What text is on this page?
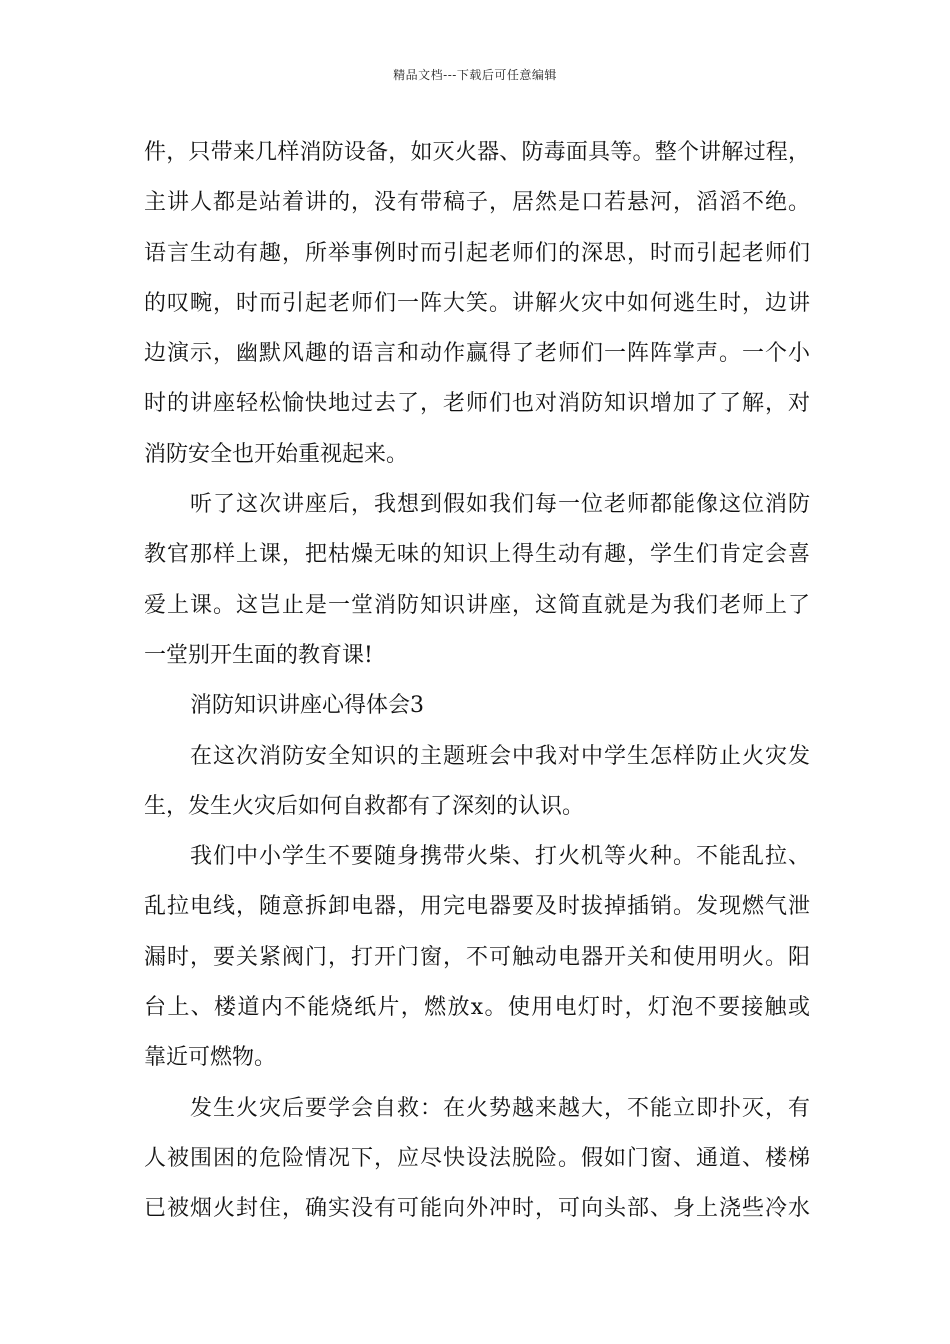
精品文档---下载后可任意编辑
件，只带来几样消防设备，如灭火器、防毒面具等。整个讲解过程，
主讲人都是站着讲的，没有带稿子，居然是口若悬河，滔滔不绝。
语言生动有趣，所举事例时而引起老师们的深思，时而引起老师们
的叹畹，时而引起老师们一阵大笑。讲解火灾中如何逃生时，边讲
边演示，幽默风趣的语言和动作赢得了老师们一阵阵掌声。一个小
时的讲座轻松愉快地过去了，老师们也对消防知识增加了了解，对
消防安全也开始重视起来。
听了这次讲座后，我想到假如我们每一位老师都能像这位消防
教官那样上课，把枯燥无味的知识上得生动有趣，学生们肯定会喜
爱上课。这岂止是一堂消防知识讲座，这简直就是为我们老师上了
一堂别开生面的教育课!
消防知识讲座心得体会3
在这次消防安全知识的主题班会中我对中学生怎样防止火灾发
生，发生火灾后如何自救都有了深刻的认识。
我们中小学生不要随身携带火柴、打火机等火种。不能乱拉、
乱拉电线，随意拆卸电器，用完电器要及时拔掉插销。发现燃气泄
漏时，要关紧阀门，打开门窗，不可触动电器开关和使用明火。阳
台上、楼道内不能烧纸片，燃放x。使用电灯时，灯泡不要接触或
靠近可燃物。
发生火灾后要学会自救：在火势越来越大，不能立即扑灭，有
人被围困的危险情况下，应尽快设法脱险。假如门窗、通道、楼梯
已被烟火封住，确实没有可能向外冲时，可向头部、身上浇些冷水
